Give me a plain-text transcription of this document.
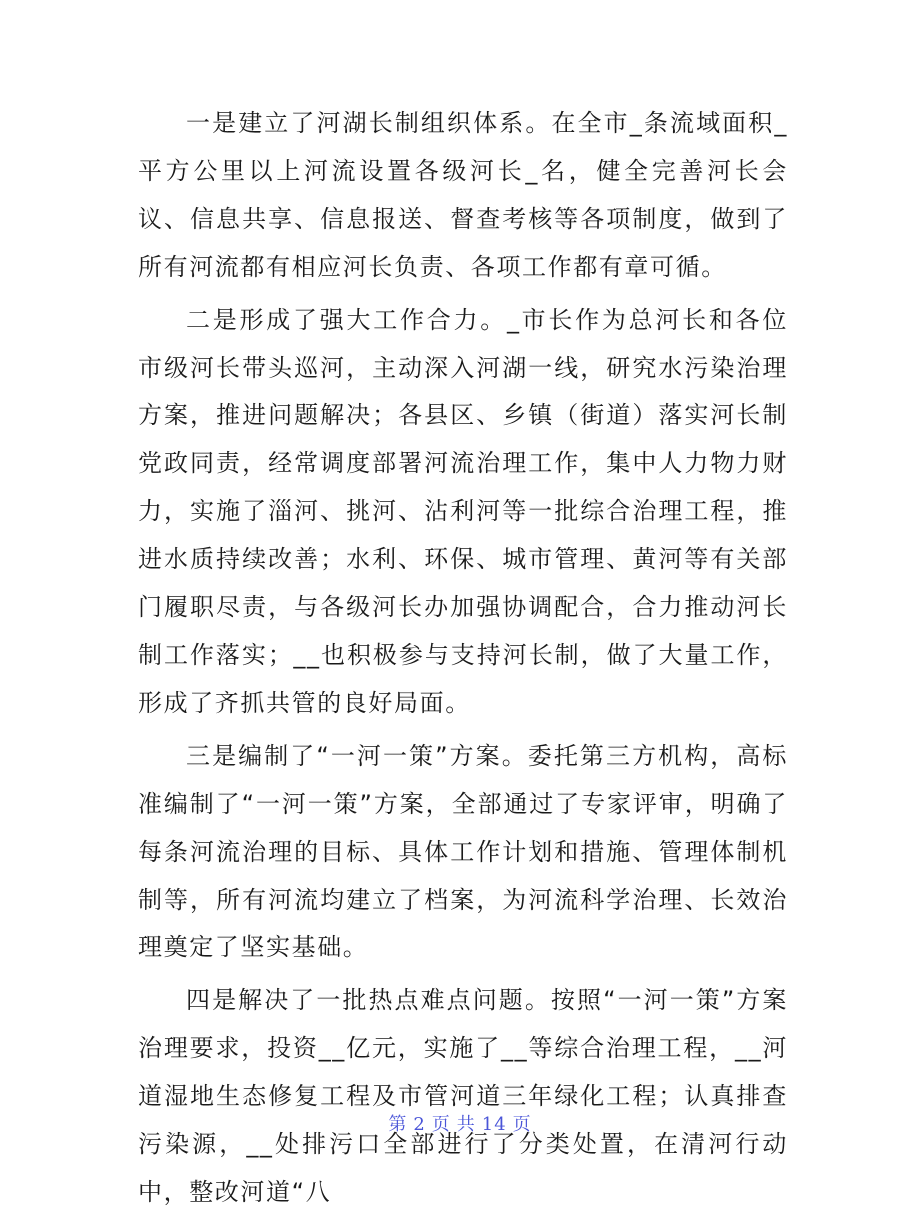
一是建立了河湖长制组织体系。在全市_条流域面积_平方公里以上河流设置各级河长_名，健全完善河长会议、信息共享、信息报送、督查考核等各项制度，做到了所有河流都有相应河长负责、各项工作都有章可循。

二是形成了强大工作合力。_市长作为总河长和各位市级河长带头巡河，主动深入河湖一线，研究水污染治理方案，推进问题解决；各县区、乡镇（街道）落实河长制党政同责，经常调度部署河流治理工作，集中人力物力财力，实施了淄河、挑河、沾利河等一批综合治理工程，推进水质持续改善；水利、环保、城市管理、黄河等有关部门履职尽责，与各级河长办加强协调配合，合力推动河长制工作落实；__也积极参与支持河长制，做了大量工作，形成了齐抓共管的良好局面。

三是编制了“一河一策”方案。委托第三方机构，高标准编制了“一河一策”方案，全部通过了专家评审，明确了每条河流治理的目标、具体工作计划和措施、管理体制机制等，所有河流均建立了档案，为河流科学治理、长效治理奠定了坚实基础。

四是解决了一批热点难点问题。按照“一河一策”方案治理要求，投资__亿元，实施了__等综合治理工程，__河道湿地生态修复工程及市管河道三年绿化工程；认真排查污染源，__处排污口全部进行了分类处置，在清河行动中，整改河道“八

第 2 页 共 14 页
